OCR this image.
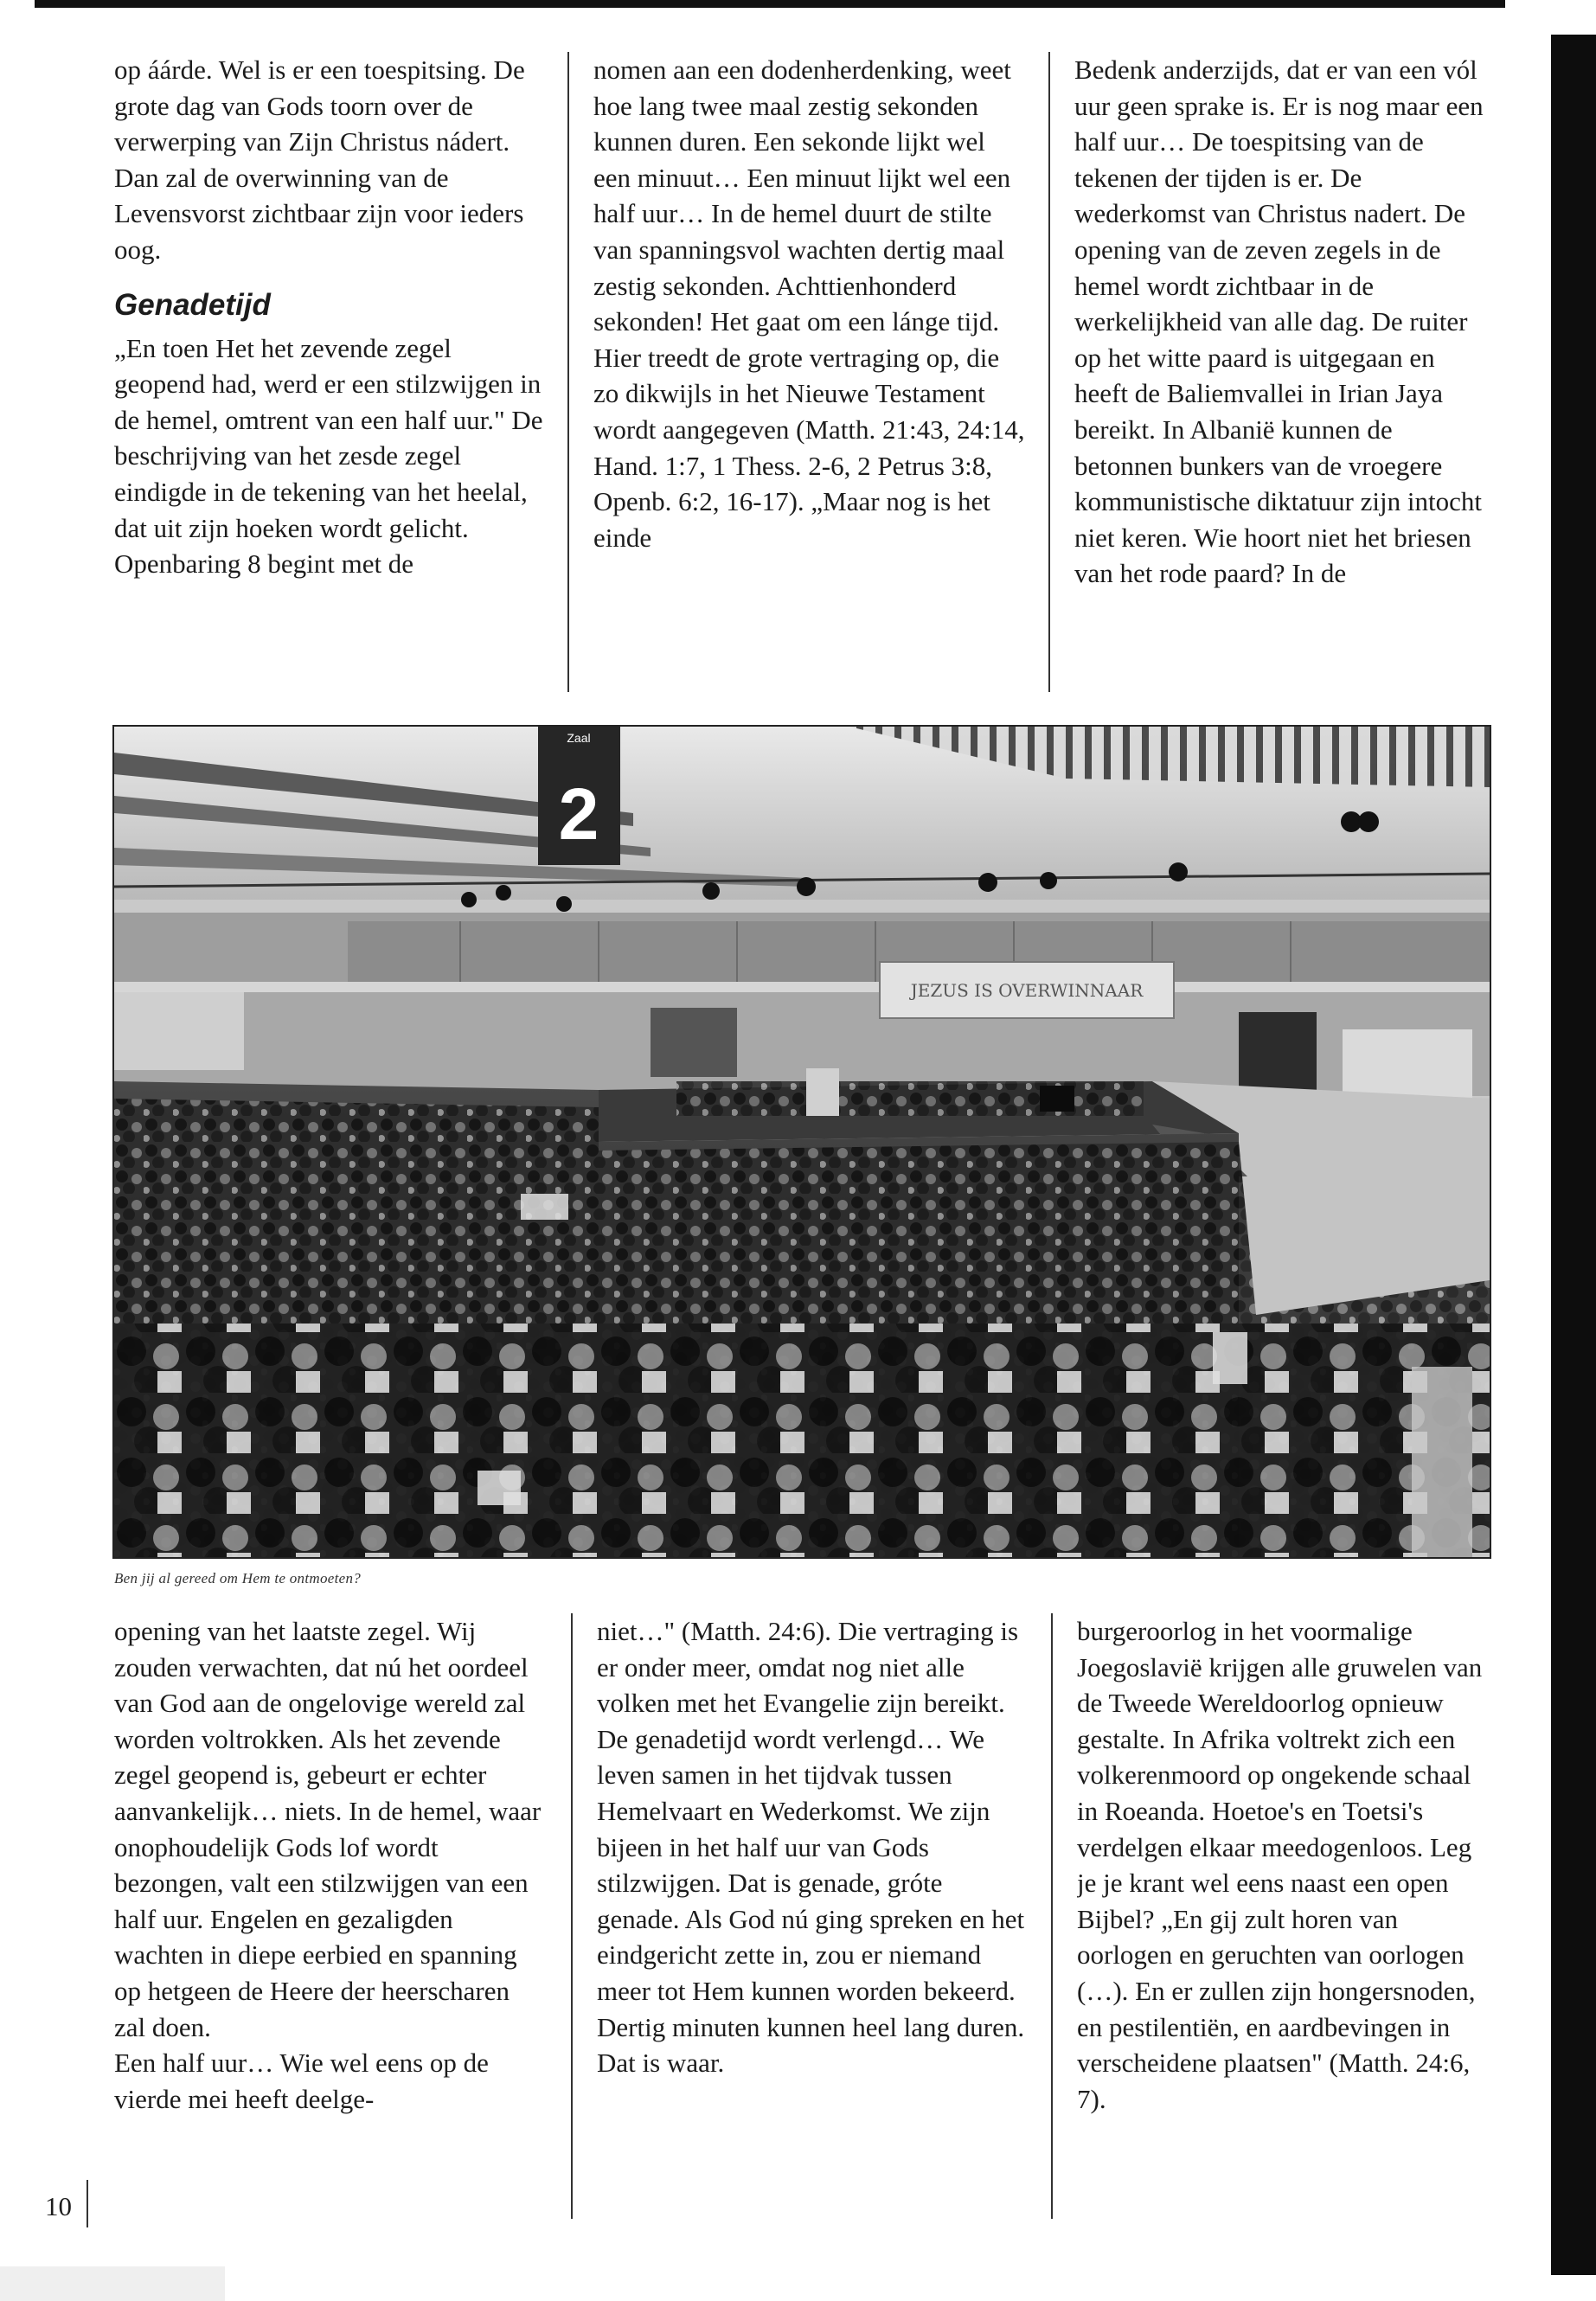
op áárde. Wel is er een toespitsing. De grote dag van Gods toorn over de verwerping van Zijn Christus nádert. Dan zal de overwinning van de Levensvorst zichtbaar zijn voor ieders oog.

Genadetijd

„En toen Het het zevende zegel geopend had, werd er een stilzwijgen in de hemel, omtrent van een half uur." De beschrijving van het zesde zegel eindigde in de tekening van het heelal, dat uit zijn hoeken wordt gelicht. Openbaring 8 begint met de

nomen aan een dodenherdenking, weet hoe lang twee maal zestig sekonden kunnen duren. Een sekonde lijkt wel een minuut… Een minuut lijkt wel een half uur… In de hemel duurt de stilte van spanningsvol wachten dertig maal zestig sekonden. Achttienhonderd sekonden! Het gaat om een lánge tijd. Hier treedt de grote vertraging op, die zo dikwijls in het Nieuwe Testament wordt aangegeven (Matth. 21:43, 24:14, Hand. 1:7, 1 Thess. 2-6, 2 Petrus 3:8, Openb. 6:2, 16-17). „Maar nog is het einde

Bedenk anderzijds, dat er van een vól uur geen sprake is. Er is nog maar een half uur… De toespitsing van de tekenen der tijden is er. De wederkomst van Christus nadert. De opening van de zeven zegels in de hemel wordt zichtbaar in de werkelijkheid van alle dag. De ruiter op het witte paard is uitgegaan en heeft de Baliemvallei in Irian Jaya bereikt. In Albanië kunnen de betonnen bunkers van de vroegere kommunistische diktatuur zijn intocht niet keren. Wie hoort niet het briesen van het rode paard? In de

Zaal
2
JEZUS IS OVERWINNAAR
Ben jij al gereed om Hem te ontmoeten?

opening van het laatste zegel. Wij zouden verwachten, dat nú het oordeel van God aan de ongelovige wereld zal worden voltrokken. Als het zevende zegel geopend is, gebeurt er echter aanvankelijk… niets. In de hemel, waar onophoudelijk Gods lof wordt bezongen, valt een stilzwijgen van een half uur. Engelen en gezaligden wachten in diepe eerbied en spanning op hetgeen de Heere der heerscharen zal doen.

Een half uur… Wie wel eens op de vierde mei heeft deelge-

niet…" (Matth. 24:6). Die vertraging is er onder meer, omdat nog niet alle volken met het Evangelie zijn bereikt. De genadetijd wordt verlengd… We leven samen in het tijdvak tussen Hemelvaart en Wederkomst. We zijn bijeen in het half uur van Gods stilzwijgen. Dat is genade, gróte genade. Als God nú ging spreken en het eindgericht zette in, zou er niemand meer tot Hem kunnen worden bekeerd.

Dertig minuten kunnen heel lang duren. Dat is waar.

burgeroorlog in het voormalige Joegoslavië krijgen alle gruwelen van de Tweede Wereldoorlog opnieuw gestalte. In Afrika voltrekt zich een volkerenmoord op ongekende schaal in Roeanda. Hoetoe's en Toetsi's verdelgen elkaar meedogenloos. Leg je je krant wel eens naast een open Bijbel? „En gij zult horen van oorlogen en geruchten van oorlogen (…). En er zullen zijn hongersnoden, en pestilentiën, en aardbevingen in verscheidene plaatsen" (Matth. 24:6, 7).

10
